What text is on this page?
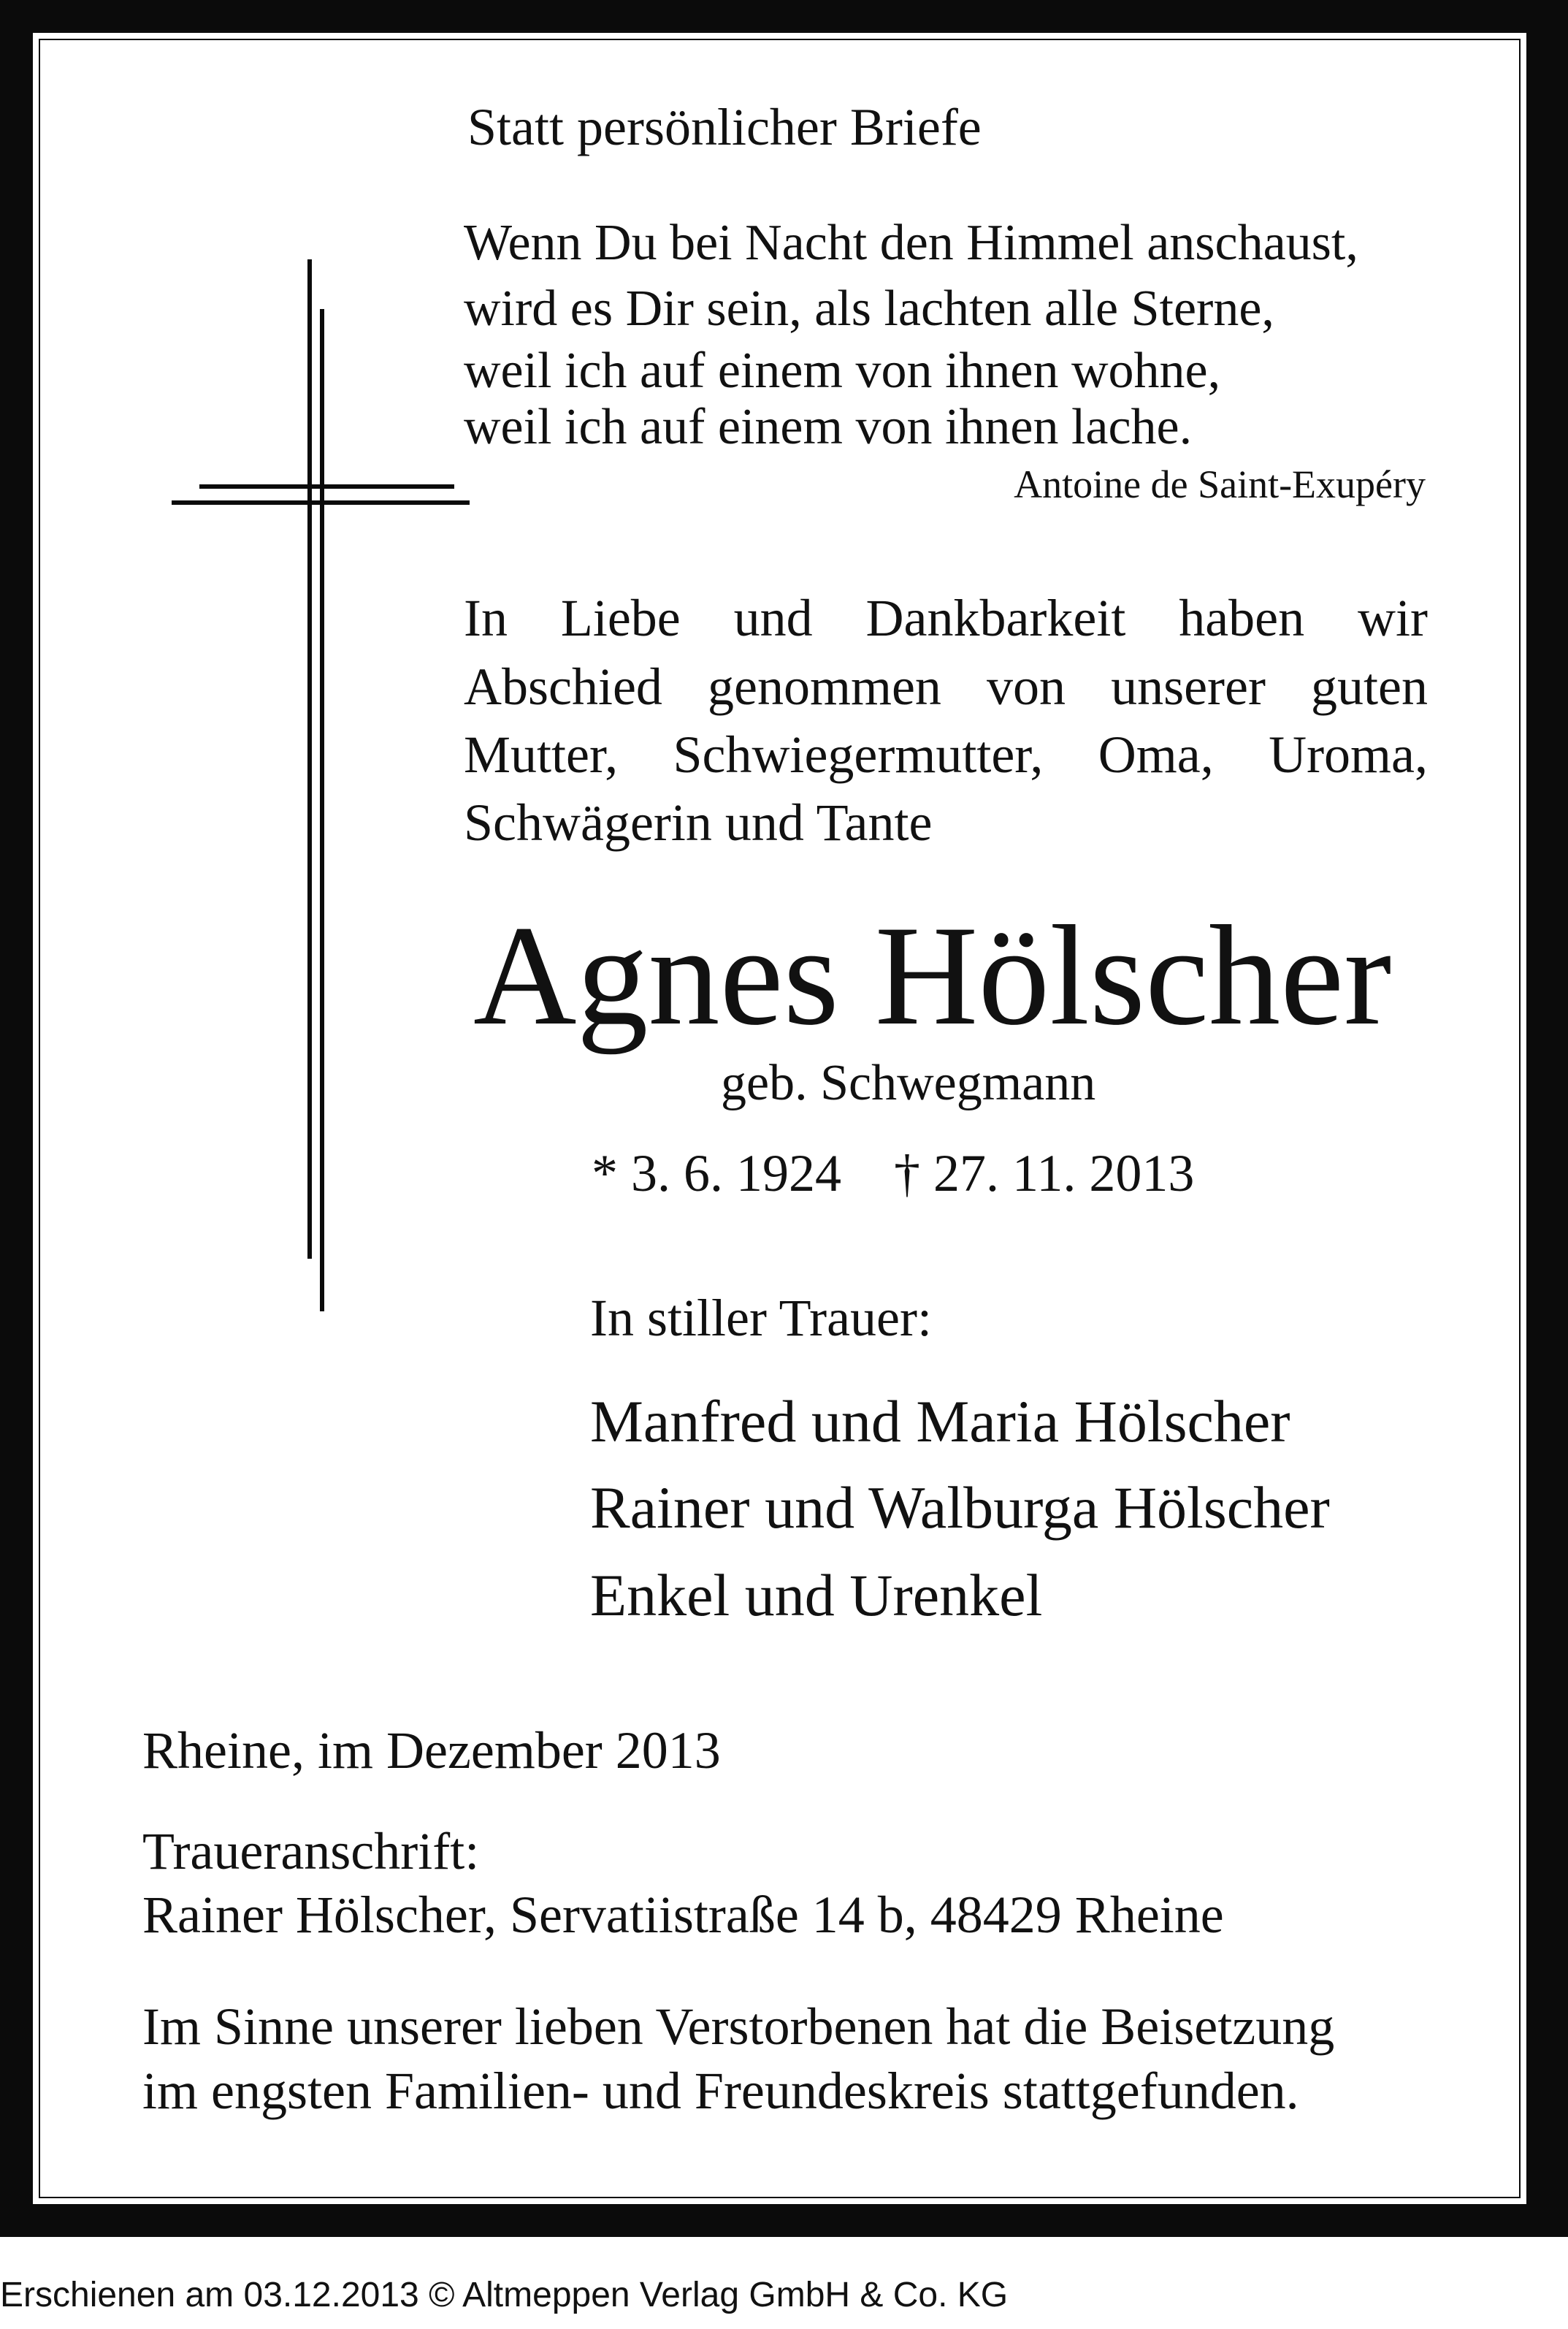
Statt persönlicher Briefe
Wenn Du bei Nacht den Himmel anschaust,
wird es Dir sein, als lachten alle Sterne,
weil ich auf einem von ihnen wohne,
weil ich auf einem von ihnen lache.
Antoine de Saint-Exupéry
In Liebe und Dankbarkeit haben wir
Abschied genommen von unserer guten
Mutter, Schwiegermutter, Oma, Uroma,
Schwägerin und Tante
Agnes Hölscher
geb. Schwegmann
* 3. 6. 1924    † 27. 11. 2013
In stiller Trauer:
Manfred und Maria Hölscher
Rainer und Walburga Hölscher
Enkel und Urenkel
Rheine, im Dezember 2013
Traueranschrift:
Rainer Hölscher, Servatiistraße 14 b, 48429 Rheine
Im Sinne unserer lieben Verstorbenen hat die Beisetzung
im engsten Familien- und Freundeskreis stattgefunden.
Erschienen am 03.12.2013 © Altmeppen Verlag GmbH & Co. KG
